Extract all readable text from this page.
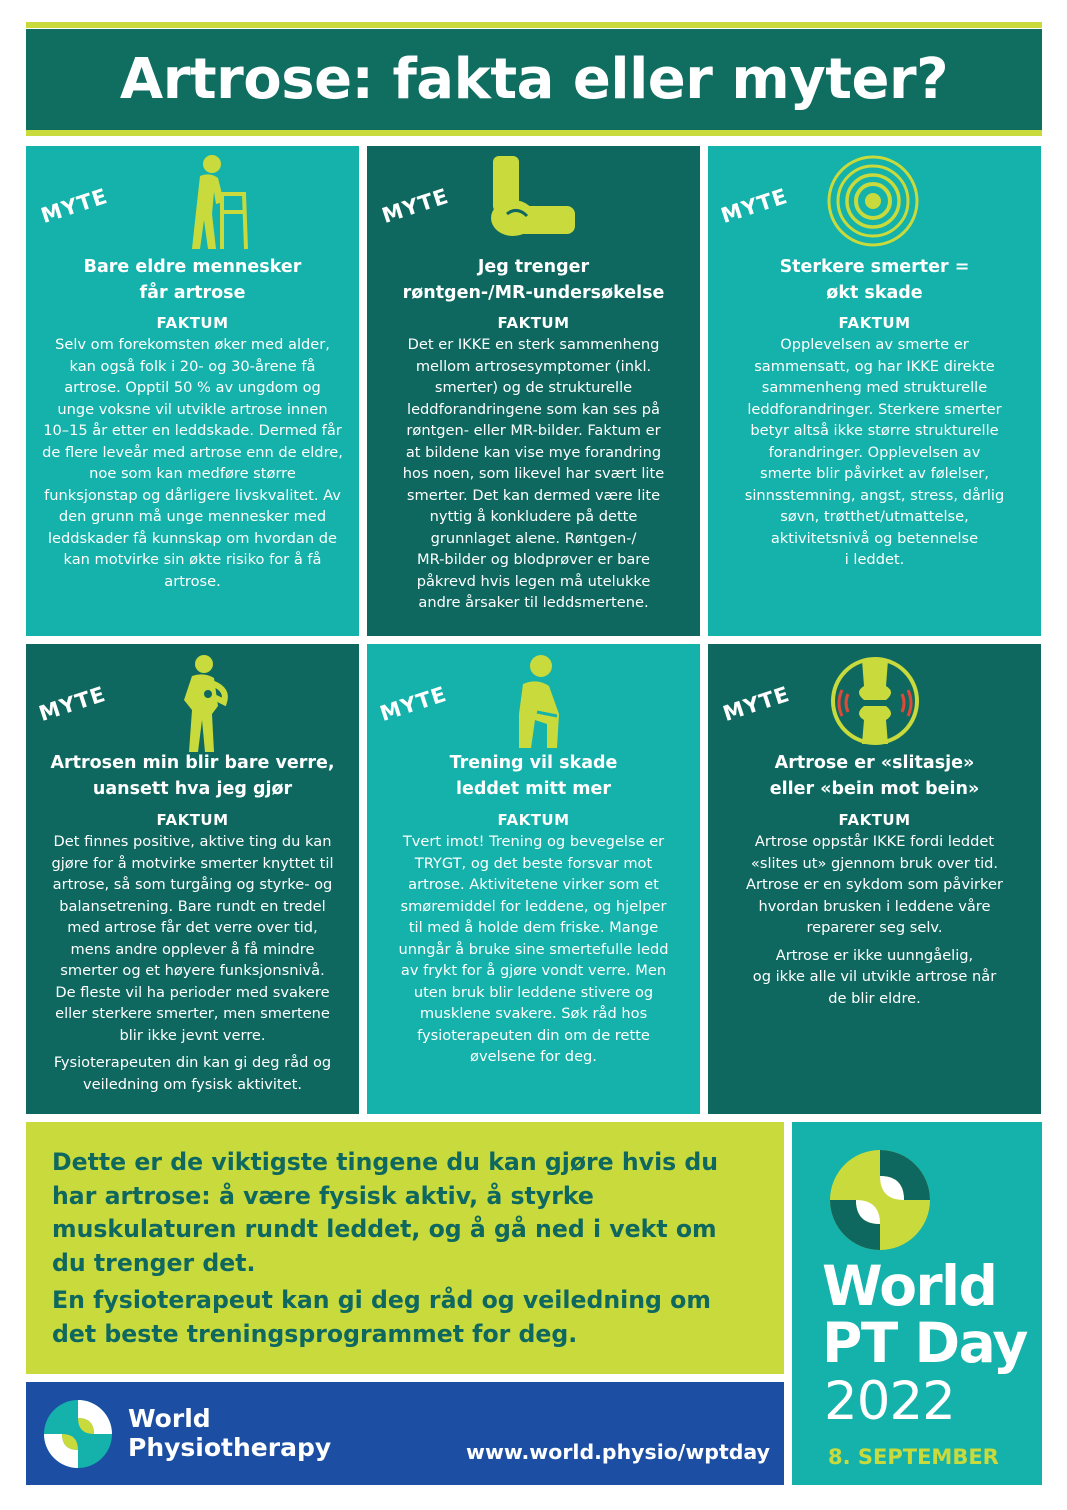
Artrose: fakta eller myter?
MYTE
Bare eldre mennesker
får artrose
FAKTUM

Selv om forekomsten øker med alder,
kan også folk i 20- og 30-årene få
artrose. Opptil 50 % av ungdom og
unge voksne vil utvikle artrose innen
10–15 år etter en leddskade. Dermed får
de flere leveår med artrose enn de eldre,
noe som kan medføre større
funksjonstap og dårligere livskvalitet. Av
den grunn må unge mennesker med
leddskader få kunnskap om hvordan de
kan motvirke sin økte risiko for å få
artrose.

MYTE
Jeg trenger
røntgen-/MR-undersøkelse
FAKTUM

Det er IKKE en sterk sammenheng
mellom artrosesymptomer (inkl.
smerter) og de strukturelle
leddforandringene som kan ses på
røntgen- eller MR-bilder. Faktum er
at bildene kan vise mye forandring
hos noen, som likevel har svært lite
smerter. Det kan dermed være lite
nyttig å konkludere på dette
grunnlaget alene. Røntgen-/
MR-bilder og blodprøver er bare
påkrevd hvis legen må utelukke
andre årsaker til leddsmertene.

MYTE
Sterkere smerter =
økt skade
FAKTUM

Opplevelsen av smerte er
sammensatt, og har IKKE direkte
sammenheng med strukturelle
leddforandringer. Sterkere smerter
betyr altså ikke større strukturelle
forandringer. Opplevelsen av
smerte blir påvirket av følelser,
sinnsstemning, angst, stress, dårlig
søvn, trøtthet/utmattelse,
aktivitetsnivå og betennelse
i leddet.

MYTE
Artrosen min blir bare verre,
uansett hva jeg gjør
FAKTUM

Det finnes positive, aktive ting du kan
gjøre for å motvirke smerter knyttet til
artrose, så som turgåing og styrke- og
balansetrening. Bare rundt en tredel
med artrose får det verre over tid,
mens andre opplever å få mindre
smerter og et høyere funksjonsnivå.
De fleste vil ha perioder med svakere
eller sterkere smerter, men smertene
blir ikke jevnt verre.

Fysioterapeuten din kan gi deg råd og
veiledning om fysisk aktivitet.

MYTE
Trening vil skade
leddet mitt mer
FAKTUM

Tvert imot! Trening og bevegelse er
TRYGT, og det beste forsvar mot
artrose. Aktivitetene virker som et
smøremiddel for leddene, og hjelper
til med å holde dem friske. Mange
unngår å bruke sine smertefulle ledd
av frykt for å gjøre vondt verre. Men
uten bruk blir leddene stivere og
musklene svakere. Søk råd hos
fysioterapeuten din om de rette
øvelsene for deg.

MYTE
Artrose er «slitasje»
eller «bein mot bein»
FAKTUM

Artrose oppstår IKKE fordi leddet
«slites ut» gjennom bruk over tid.
Artrose er en sykdom som påvirker
hvordan brusken i leddene våre
reparerer seg selv.

Artrose er ikke uunngåelig,
og ikke alle vil utvikle artrose når
de blir eldre.

Dette er de viktigste tingene du kan gjøre hvis du har artrose: å være fysisk aktiv, å styrke muskulaturen rundt leddet, og å gå ned i vekt om du trenger det.

En fysioterapeut kan gi deg råd og veiledning om det beste treningsprogrammet for deg.

World
Physiotherapy	www.world.physio/wptday
World
PT Day
2022
8. SEPTEMBER
